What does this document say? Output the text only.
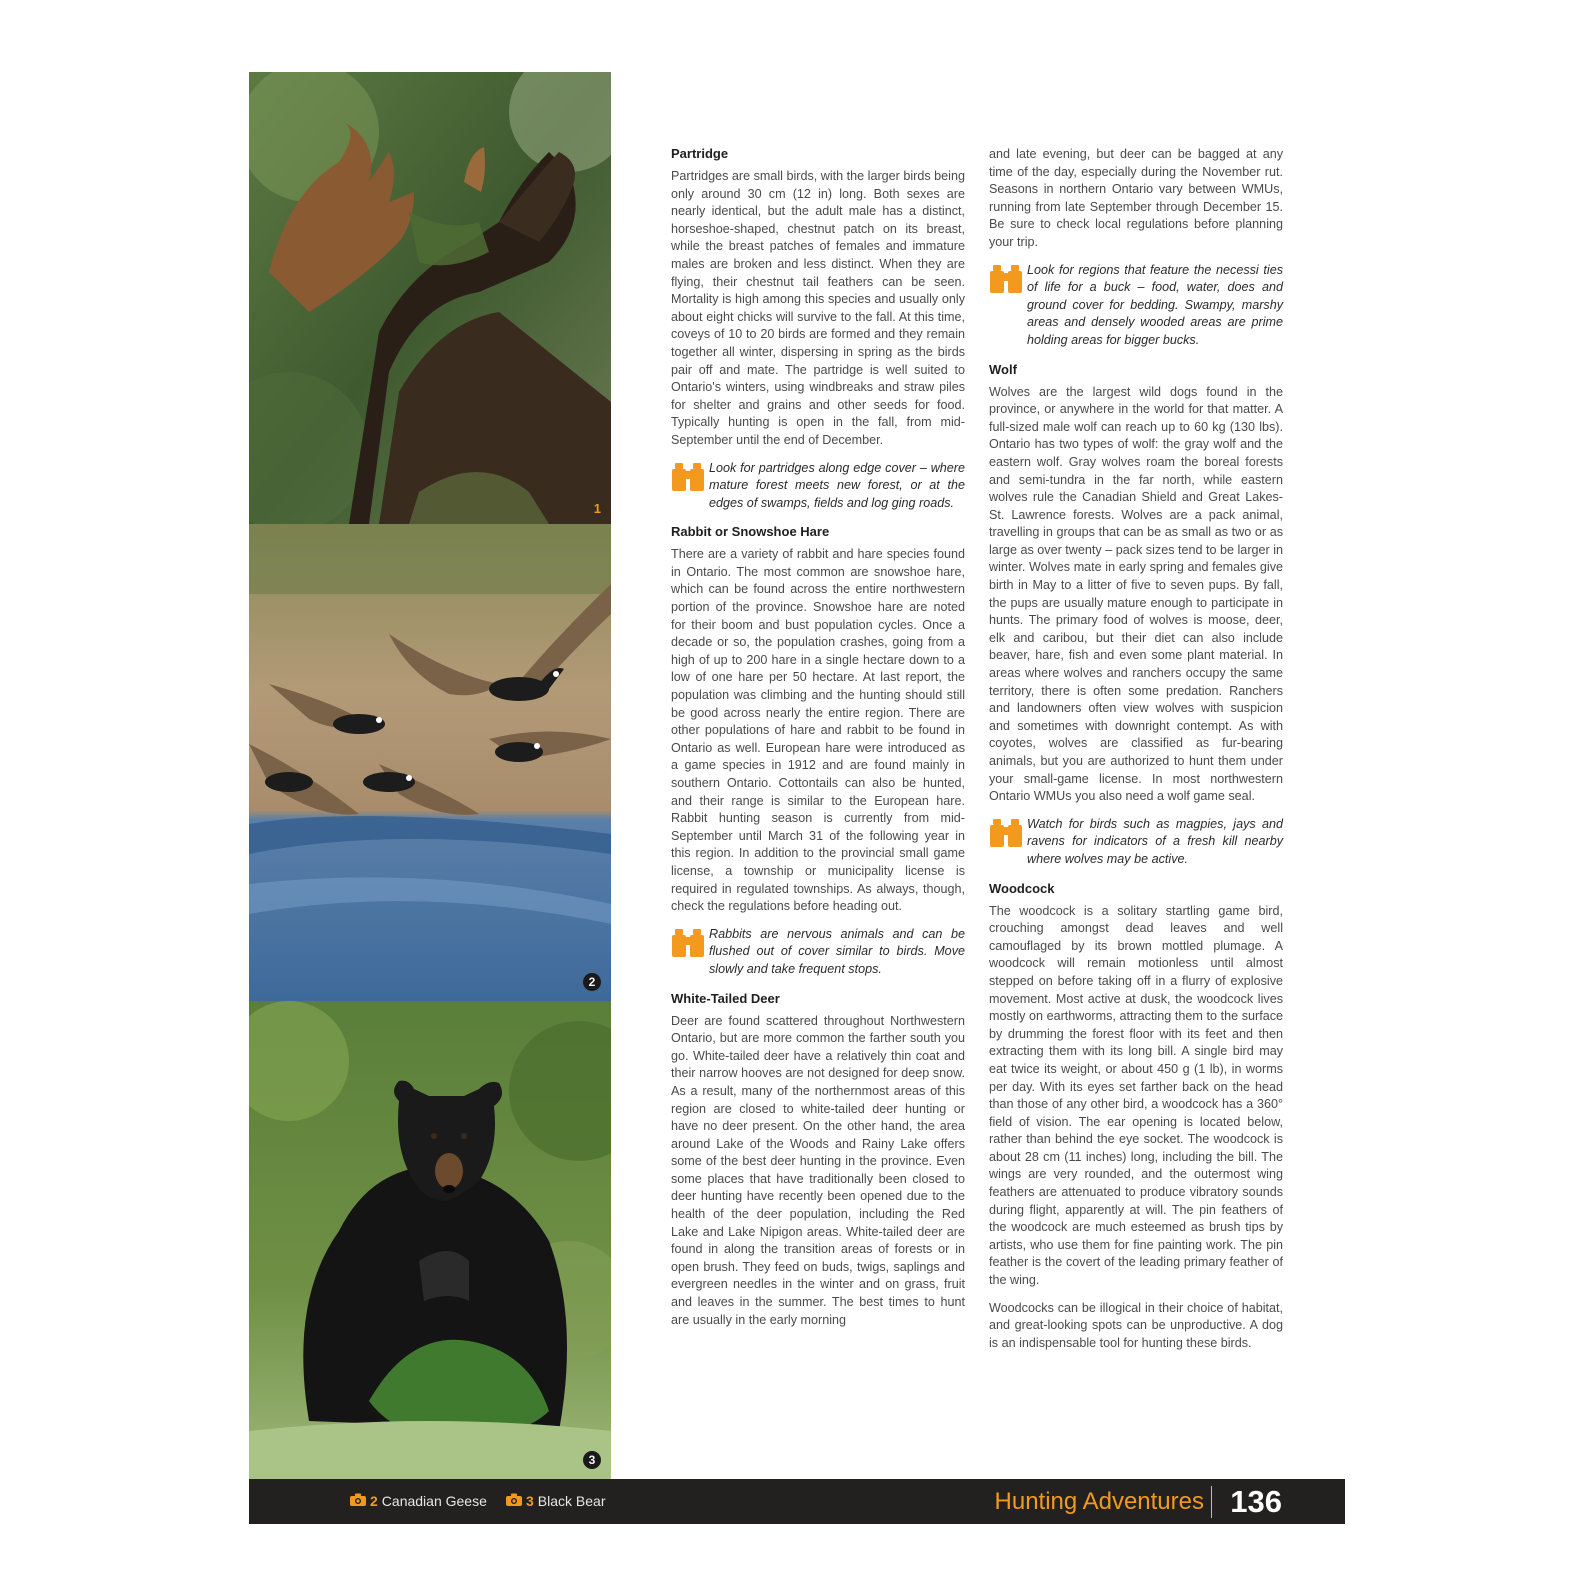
1
2
3
Partridge

Partridges are small birds, with the larger birds being only around 30 cm (12 in) long. Both sexes are nearly identical, but the adult male has a distinct, horseshoe-shaped, chestnut patch on its breast, while the breast patches of females and immature males are broken and less distinct. When they are flying, their chestnut tail feathers can be seen. Mortality is high among this species and usually only about eight chicks will survive to the fall. At this time, coveys of 10 to 20 birds are formed and they remain together all winter, dispersing in spring as the birds pair off and mate. The partridge is well suited to Ontario's winters, using windbreaks and straw piles for shelter and grains and other seeds for food. Typically hunting is open in the fall, from mid-September until the end of December.

Look for partridges along edge cover – where mature forest meets new forest, or at the edges of swamps, fields and log ging roads.
Rabbit or Snowshoe Hare

There are a variety of rabbit and hare species found in Ontario. The most common are snowshoe hare, which can be found across the entire northwestern portion of the province. Snowshoe hare are noted for their boom and bust population cycles. Once a decade or so, the population crashes, going from a high of up to 200 hare in a single hectare down to a low of one hare per 50 hectare. At last report, the population was climbing and the hunting should still be good across nearly the entire region. There are other populations of hare and rabbit to be found in Ontario as well. European hare were introduced as a game species in 1912 and are found mainly in southern Ontario. Cottontails can also be hunted, and their range is similar to the European hare. Rabbit hunting season is currently from mid-September until March 31 of the following year in this region. In addition to the provincial small game license, a township or municipality license is required in regulated townships. As always, though, check the regulations before heading out.

Rabbits are nervous animals and can be flushed out of cover similar to birds. Move slowly and take frequent stops.
White-Tailed Deer

Deer are found scattered throughout Northwestern Ontario, but are more common the farther south you go. White-tailed deer have a relatively thin coat and their narrow hooves are not designed for deep snow. As a result, many of the northernmost areas of this region are closed to white-tailed deer hunting or have no deer present. On the other hand, the area around Lake of the Woods and Rainy Lake offers some of the best deer hunting in the province. Even some places that have traditionally been closed to deer hunting have recently been opened due to the health of the deer population, including the Red Lake and Lake Nipigon areas. White-tailed deer are found in along the transition areas of forests or in open brush. They feed on buds, twigs, saplings and evergreen needles in the winter and on grass, fruit and leaves in the summer. The best times to hunt are usually in the early morning

and late evening, but deer can be bagged at any time of the day, especially during the November rut. Seasons in northern Ontario vary between WMUs, running from late September through December 15. Be sure to check local regulations before planning your trip.

Look for regions that feature the necessi ties of life for a buck – food, water, does and ground cover for bedding. Swampy, marshy areas and densely wooded areas are prime holding areas for bigger bucks.
Wolf

Wolves are the largest wild dogs found in the province, or anywhere in the world for that matter. A full-sized male wolf can reach up to 60 kg (130 lbs). Ontario has two types of wolf: the gray wolf and the eastern wolf. Gray wolves roam the boreal forests and semi-tundra in the far north, while eastern wolves rule the Canadian Shield and Great Lakes-St. Lawrence forests. Wolves are a pack animal, travelling in groups that can be as small as two or as large as over twenty – pack sizes tend to be larger in winter. Wolves mate in early spring and females give birth in May to a litter of five to seven pups. By fall, the pups are usually mature enough to participate in hunts. The primary food of wolves is moose, deer, elk and caribou, but their diet can also include beaver, hare, fish and even some plant material. In areas where wolves and ranchers occupy the same territory, there is often some predation. Ranchers and landowners often view wolves with suspicion and sometimes with downright contempt. As with coyotes, wolves are classified as fur-bearing animals, but you are authorized to hunt them under your small-game license. In most northwestern Ontario WMUs you also need a wolf game seal.

Watch for birds such as magpies, jays and ravens for indicators of a fresh kill nearby where wolves may be active.
Woodcock

The woodcock is a solitary startling game bird, crouching amongst dead leaves and well camouflaged by its brown mottled plumage. A woodcock will remain motionless until almost stepped on before taking off in a flurry of explosive movement. Most active at dusk, the woodcock lives mostly on earthworms, attracting them to the surface by drumming the forest floor with its feet and then extracting them with its long bill. A single bird may eat twice its weight, or about 450 g (1 lb), in worms per day. With its eyes set farther back on the head than those of any other bird, a woodcock has a 360° field of vision. The ear opening is located below, rather than behind the eye socket. The woodcock is about 28 cm (11 inches) long, including the bill. The wings are very rounded, and the outermost wing feathers are attenuated to produce vibratory sounds during flight, apparently at will. The pin feathers of the woodcock are much esteemed as brush tips by artists, who use them for fine painting work. The pin feather is the covert of the leading primary feather of the wing.

Woodcocks can be illogical in their choice of habitat, and great-looking spots can be unproductive. A dog is an indispensable tool for hunting these birds.

2 Canadian Geese	3 Black Bear	Hunting Adventures 136
